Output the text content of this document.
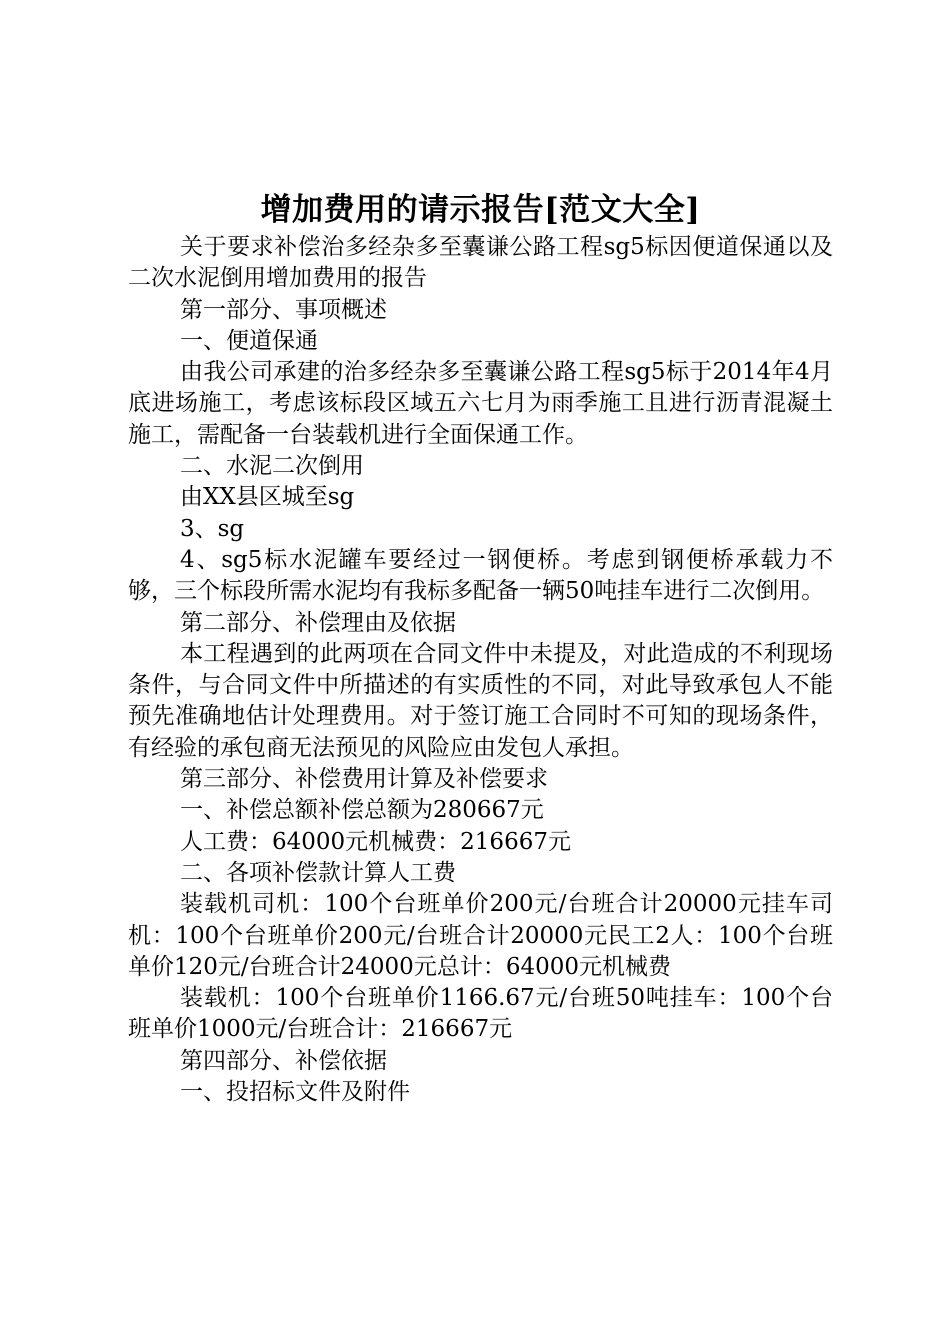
增加费用的请示报告[范文大全]

关于要求补偿治多经杂多至囊谦公路工程sg5标因便道保通以及二次水泥倒用增加费用的报告

第一部分、事项概述

一、便道保通

由我公司承建的治多经杂多至囊谦公路工程sg5标于2014年4月底进场施工，考虑该标段区域五六七月为雨季施工且进行沥青混凝土施工，需配备一台装载机进行全面保通工作。

二、水泥二次倒用

由XX县区城至sg

3、sg

4、sg5标水泥罐车要经过一钢便桥。考虑到钢便桥承载力不够，三个标段所需水泥均有我标多配备一辆50吨挂车进行二次倒用。

第二部分、补偿理由及依据

本工程遇到的此两项在合同文件中未提及，对此造成的不利现场条件，与合同文件中所描述的有实质性的不同，对此导致承包人不能预先准确地估计处理费用。对于签订施工合同时不可知的现场条件，有经验的承包商无法预见的风险应由发包人承担。

第三部分、补偿费用计算及补偿要求

一、补偿总额补偿总额为280667元

人工费：64000元机械费：216667元

二、各项补偿款计算人工费

装载机司机：100个台班单价200元/台班合计20000元挂车司机：100个台班单价200元/台班合计20000元民工2人：100个台班单价120元/台班合计24000元总计：64000元机械费

装载机：100个台班单价1166.67元/台班50吨挂车：100个台班单价1000元/台班合计：216667元

第四部分、补偿依据

一、投招标文件及附件
